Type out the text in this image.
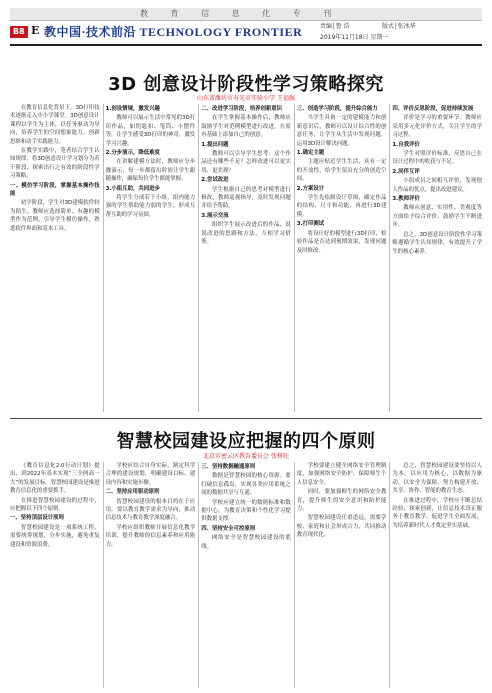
教 育 信 息 化 专 刊
B8 E 教中国·技术前沿 TECHNOLOGY FRONTIER	责编│鲁 浩	版式│张冰华
2019年11月18日 星期一
3D 创意设计阶段性学习策略探究
山东省潍坊市寿光市实验小学 王福强

在教育信息化背景下，3D打印技术逐渐走入中小学课堂。3D创意设计课程以学生为主体，以任务驱动为导向，培养学生的空间想象能力、创新思维和动手实践能力。

在教学实践中，笔者结合学生认知规律，将3D创意设计学习划分为若干阶段，探索出行之有效的阶段性学习策略。

一、模仿学习阶段，掌握基本操作技能

初学阶段，学生对3D建模软件较为陌生，教师应选择简单、有趣的模型作为范例，引导学生模仿操作，熟悉软件界面和基本工具。

1.创设情境，激发兴趣

教师可以展示生活中常见的3D打印作品，如钥匙扣、笔筒、小摆件等，让学生感受3D打印的神奇，激发学习兴趣。

2.分步演示，降低难度

在讲解建模方法时，教师应分步骤演示，每一步都留出时间让学生跟随操作，确保每位学生都能掌握。

3.小组互助，共同进步

将学生分成若干小组，组内能力强的学生帮助能力弱的学生，形成互帮互助的学习氛围。

二、改进学习阶段，培养创新意识

在学生掌握基本操作后，教师应鼓励学生对范例模型进行改进，在原有基础上添加自己的创意。

1.提出问题

教师可以引导学生思考：这个作品还有哪些不足？怎样改进可以更实用、更美观？

2.尝试改进

学生根据自己的思考对模型进行修改，教师巡视指导，及时发现问题并给予帮助。

3.展示交流

组织学生展示改进后的作品，说说改进的思路和方法，互相学习借鉴。

三、创造学习阶段，提升综合能力

当学生具备一定的建模能力和创新意识后，教师可以设计综合性的创意任务，让学生从生活中发现问题，运用3D设计解决问题。

1.确定主题

主题应贴近学生生活，具有一定的开放性，给学生留出充分的创造空间。

2.方案设计

学生先绘制设计草图，确定作品的结构、尺寸和功能，再进行3D建模。

3.打印测试

将设计好的模型进行3D打印，检验作品是否达到预期效果，发现问题及时修改。

四、评价反思阶段，促进持续发展

评价是学习的重要环节。教师应采用多元化评价方式，关注学生的学习过程。

1.自我评价

学生对照评价标准，反思自己在设计过程中的收获与不足。

2.同伴互评

小组成员之间相互评价，发现他人作品的优点，提出改进建议。

3.教师评价

教师从创意、实用性、美观度等方面给予综合评价，鼓励学生不断进步。

总之，3D创意设计阶段性学习策略遵循学生认知规律，有效提升了学生的核心素养。

智慧校园建设应把握的四个原则
北京市密云区教育委员会 张树旺

《教育信息化2.0行动计划》提出，到2022年基本实现“三全两高一大”的发展目标。智慧校园建设是推进教育信息化的重要抓手。

在推进智慧校园建设的过程中，应把握以下四个原则。

一、坚持顶层设计原则

智慧校园建设是一项系统工程，需要统筹规划，分步实施，避免重复建设和资源浪费。

学校应结合自身实际，制定科学合理的建设规划，明确建设目标、建设内容和实施步骤。

二、坚持应用驱动原则

智慧校园建设的根本目的在于应用。要以教育教学需求为导向，推动信息技术与教育教学深度融合。

学校应组织教师开展信息化教学培训，提升教师的信息素养和应用能力。

三、坚持数据融通原则

数据是智慧校园的核心资源。要打破信息孤岛，实现各类应用系统之间的数据共享与互通。

学校应建立统一的数据标准和数据中心，为教育决策和个性化学习提供数据支撑。

四、坚持安全可控原则

网络安全是智慧校园建设的底线。

学校要建立健全网络安全管理制度，加强网络安全防护，保障师生个人信息安全。

同时，要加强师生的网络安全教育，提升师生的安全意识和防护能力。

智慧校园建设任重道远，需要学校、家庭和社会形成合力，共同推动教育现代化。

总之，智慧校园建设要坚持以人为本，以应用为核心，以数据为驱动，以安全为保障，努力构建开放、共享、协作、智能的教育生态。

在推进过程中，学校应不断总结经验，探索创新，让信息技术真正服务于教育教学，促进学生全面发展，为培养新时代人才奠定坚实基础。
